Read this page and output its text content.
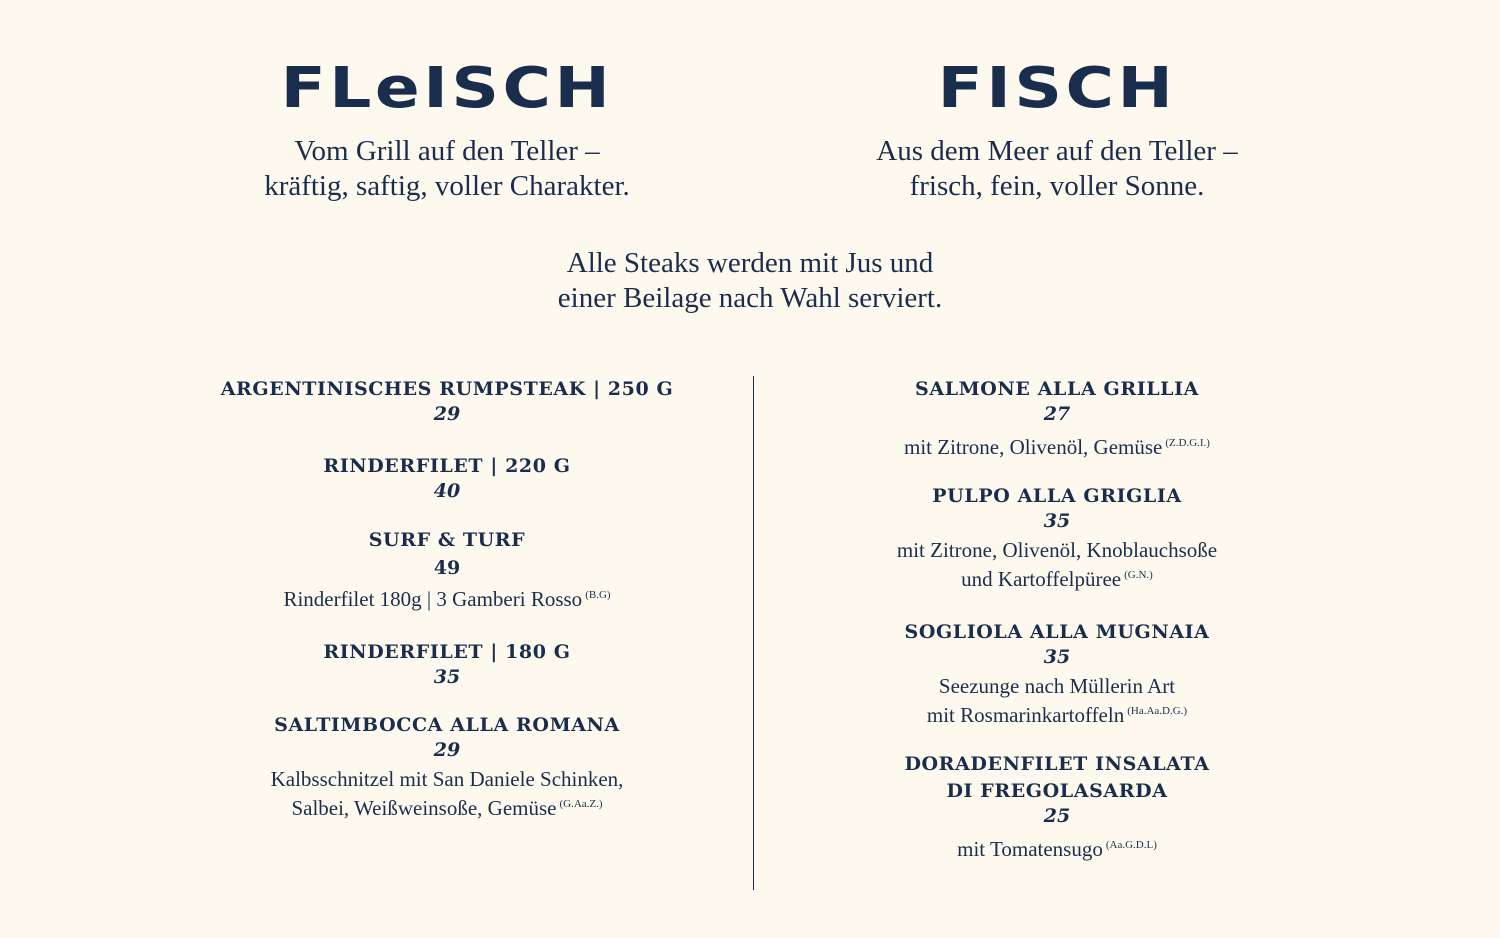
FLeISCH	FISCH
Vom Grill auf den Teller –
kräftig, saftig, voller Charakter.
Aus dem Meer auf den Teller –
frisch, fein, voller Sonne.
Alle Steaks werden mit Jus und
einer Beilage nach Wahl serviert.
ARGENTINISCHES RUMPSTEAK | 250 G
29
RINDERFILET | 220 G
40
SURF & TURF
49
Rinderfilet 180g | 3 Gamberi Rosso $^{(B.G)}$
RINDERFILET | 180 G
35
SALTIMBOCCA ALLA ROMANA
29
Kalbsschnitzel mit San Daniele Schinken,
Salbei, Weißweinsoße, Gemüse $^{(G.Aa.Z.)}$
SALMONE ALLA GRILLIA
27
mit Zitrone, Olivenöl, Gemüse $^{(Z.D.G.I.)}$
PULPO ALLA GRIGLIA
35
mit Zitrone, Olivenöl, Knoblauchsoße
und Kartoffelpüree $^{(G.N.)}$
SOGLIOLA ALLA MUGNAIA
35
Seezunge nach Müllerin Art
mit Rosmarinkartoffeln $^{(Ha.Aa.D.G.)}$
DORADENFILET INSALATA
DI FREGOLASARDA
25
mit Tomatensugo $^{(Aa.G.D.L)}$
